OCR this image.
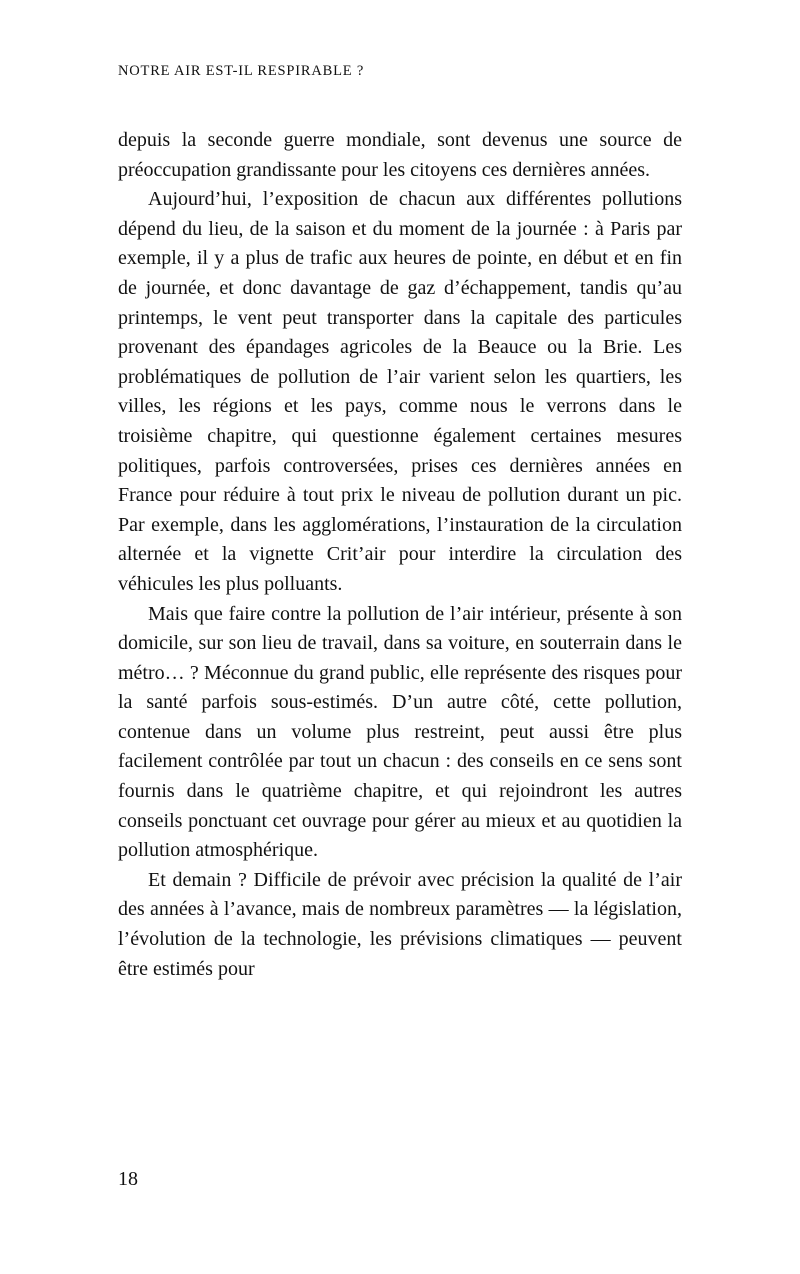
NOTRE AIR EST-IL RESPIRABLE ?

depuis la seconde guerre mondiale, sont devenus une source de préoccupation grandissante pour les citoyens ces dernières années.

Aujourd’hui, l’exposition de chacun aux différentes pollutions dépend du lieu, de la saison et du moment de la journée : à Paris par exemple, il y a plus de trafic aux heures de pointe, en début et en fin de journée, et donc davantage de gaz d’échappement, tandis qu’au printemps, le vent peut transporter dans la capitale des particules provenant des épandages agricoles de la Beauce ou la Brie. Les problématiques de pollution de l’air varient selon les quartiers, les villes, les régions et les pays, comme nous le verrons dans le troisième chapitre, qui questionne également certaines mesures politiques, parfois controversées, prises ces dernières années en France pour réduire à tout prix le niveau de pollution durant un pic. Par exemple, dans les agglomérations, l’instauration de la circulation alternée et la vignette Crit’air pour interdire la circulation des véhicules les plus polluants.

Mais que faire contre la pollution de l’air intérieur, présente à son domicile, sur son lieu de travail, dans sa voiture, en souterrain dans le métro… ? Méconnue du grand public, elle représente des risques pour la santé parfois sous-estimés. D’un autre côté, cette pollution, contenue dans un volume plus restreint, peut aussi être plus facilement contrôlée par tout un chacun : des conseils en ce sens sont fournis dans le quatrième chapitre, et qui rejoindront les autres conseils ponctuant cet ouvrage pour gérer au mieux et au quotidien la pollution atmosphérique.

Et demain ? Difficile de prévoir avec précision la qualité de l’air des années à l’avance, mais de nombreux paramètres — la législation, l’évolution de la technologie, les prévisions climatiques — peuvent être estimés pour

18
